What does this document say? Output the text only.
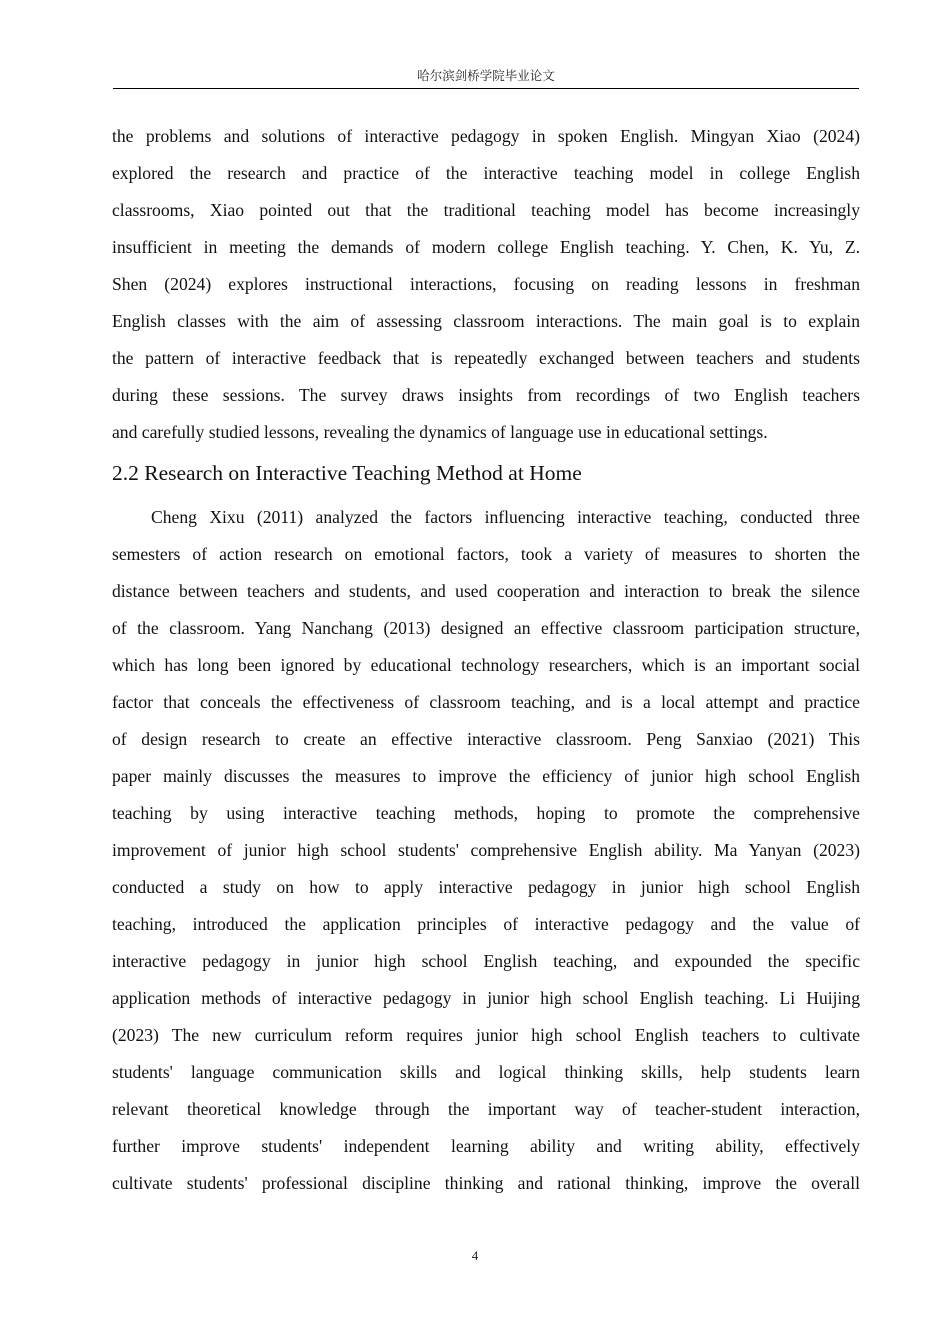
哈尔滨剑桥学院毕业论文
the problems and solutions of interactive pedagogy in spoken English. Mingyan Xiao (2024)
explored the research and practice of the interactive teaching model in college English
classrooms, Xiao pointed out that the traditional teaching model has become increasingly
insufficient in meeting the demands of modern college English teaching. Y. Chen, K. Yu, Z.
Shen (2024) explores instructional interactions, focusing on reading lessons in freshman
English classes with the aim of assessing classroom interactions. The main goal is to explain
the pattern of interactive feedback that is repeatedly exchanged between teachers and students
during these sessions. The survey draws insights from recordings of two English teachers
and carefully studied lessons, revealing the dynamics of language use in educational settings.
2.2 Research on Interactive Teaching Method at Home
Cheng Xixu (2011) analyzed the factors influencing interactive teaching, conducted three
semesters of action research on emotional factors, took a variety of measures to shorten the
distance between teachers and students, and used cooperation and interaction to break the silence
of the classroom. Yang Nanchang (2013) designed an effective classroom participation structure,
which has long been ignored by educational technology researchers, which is an important social
factor that conceals the effectiveness of classroom teaching, and is a local attempt and practice
of design research to create an effective interactive classroom. Peng Sanxiao (2021) This
paper mainly discusses the measures to improve the efficiency of junior high school English
teaching by using interactive teaching methods, hoping to promote the comprehensive
improvement of junior high school students' comprehensive English ability. Ma Yanyan (2023)
conducted a study on how to apply interactive pedagogy in junior high school English
teaching, introduced the application principles of interactive pedagogy and the value of
interactive pedagogy in junior high school English teaching, and expounded the specific
application methods of interactive pedagogy in junior high school English teaching. Li Huijing
(2023) The new curriculum reform requires junior high school English teachers to cultivate
students' language communication skills and logical thinking skills, help students learn
relevant theoretical knowledge through the important way of teacher-student interaction,
further improve students' independent learning ability and writing ability, effectively
cultivate students' professional discipline thinking and rational thinking, improve the overall
4
